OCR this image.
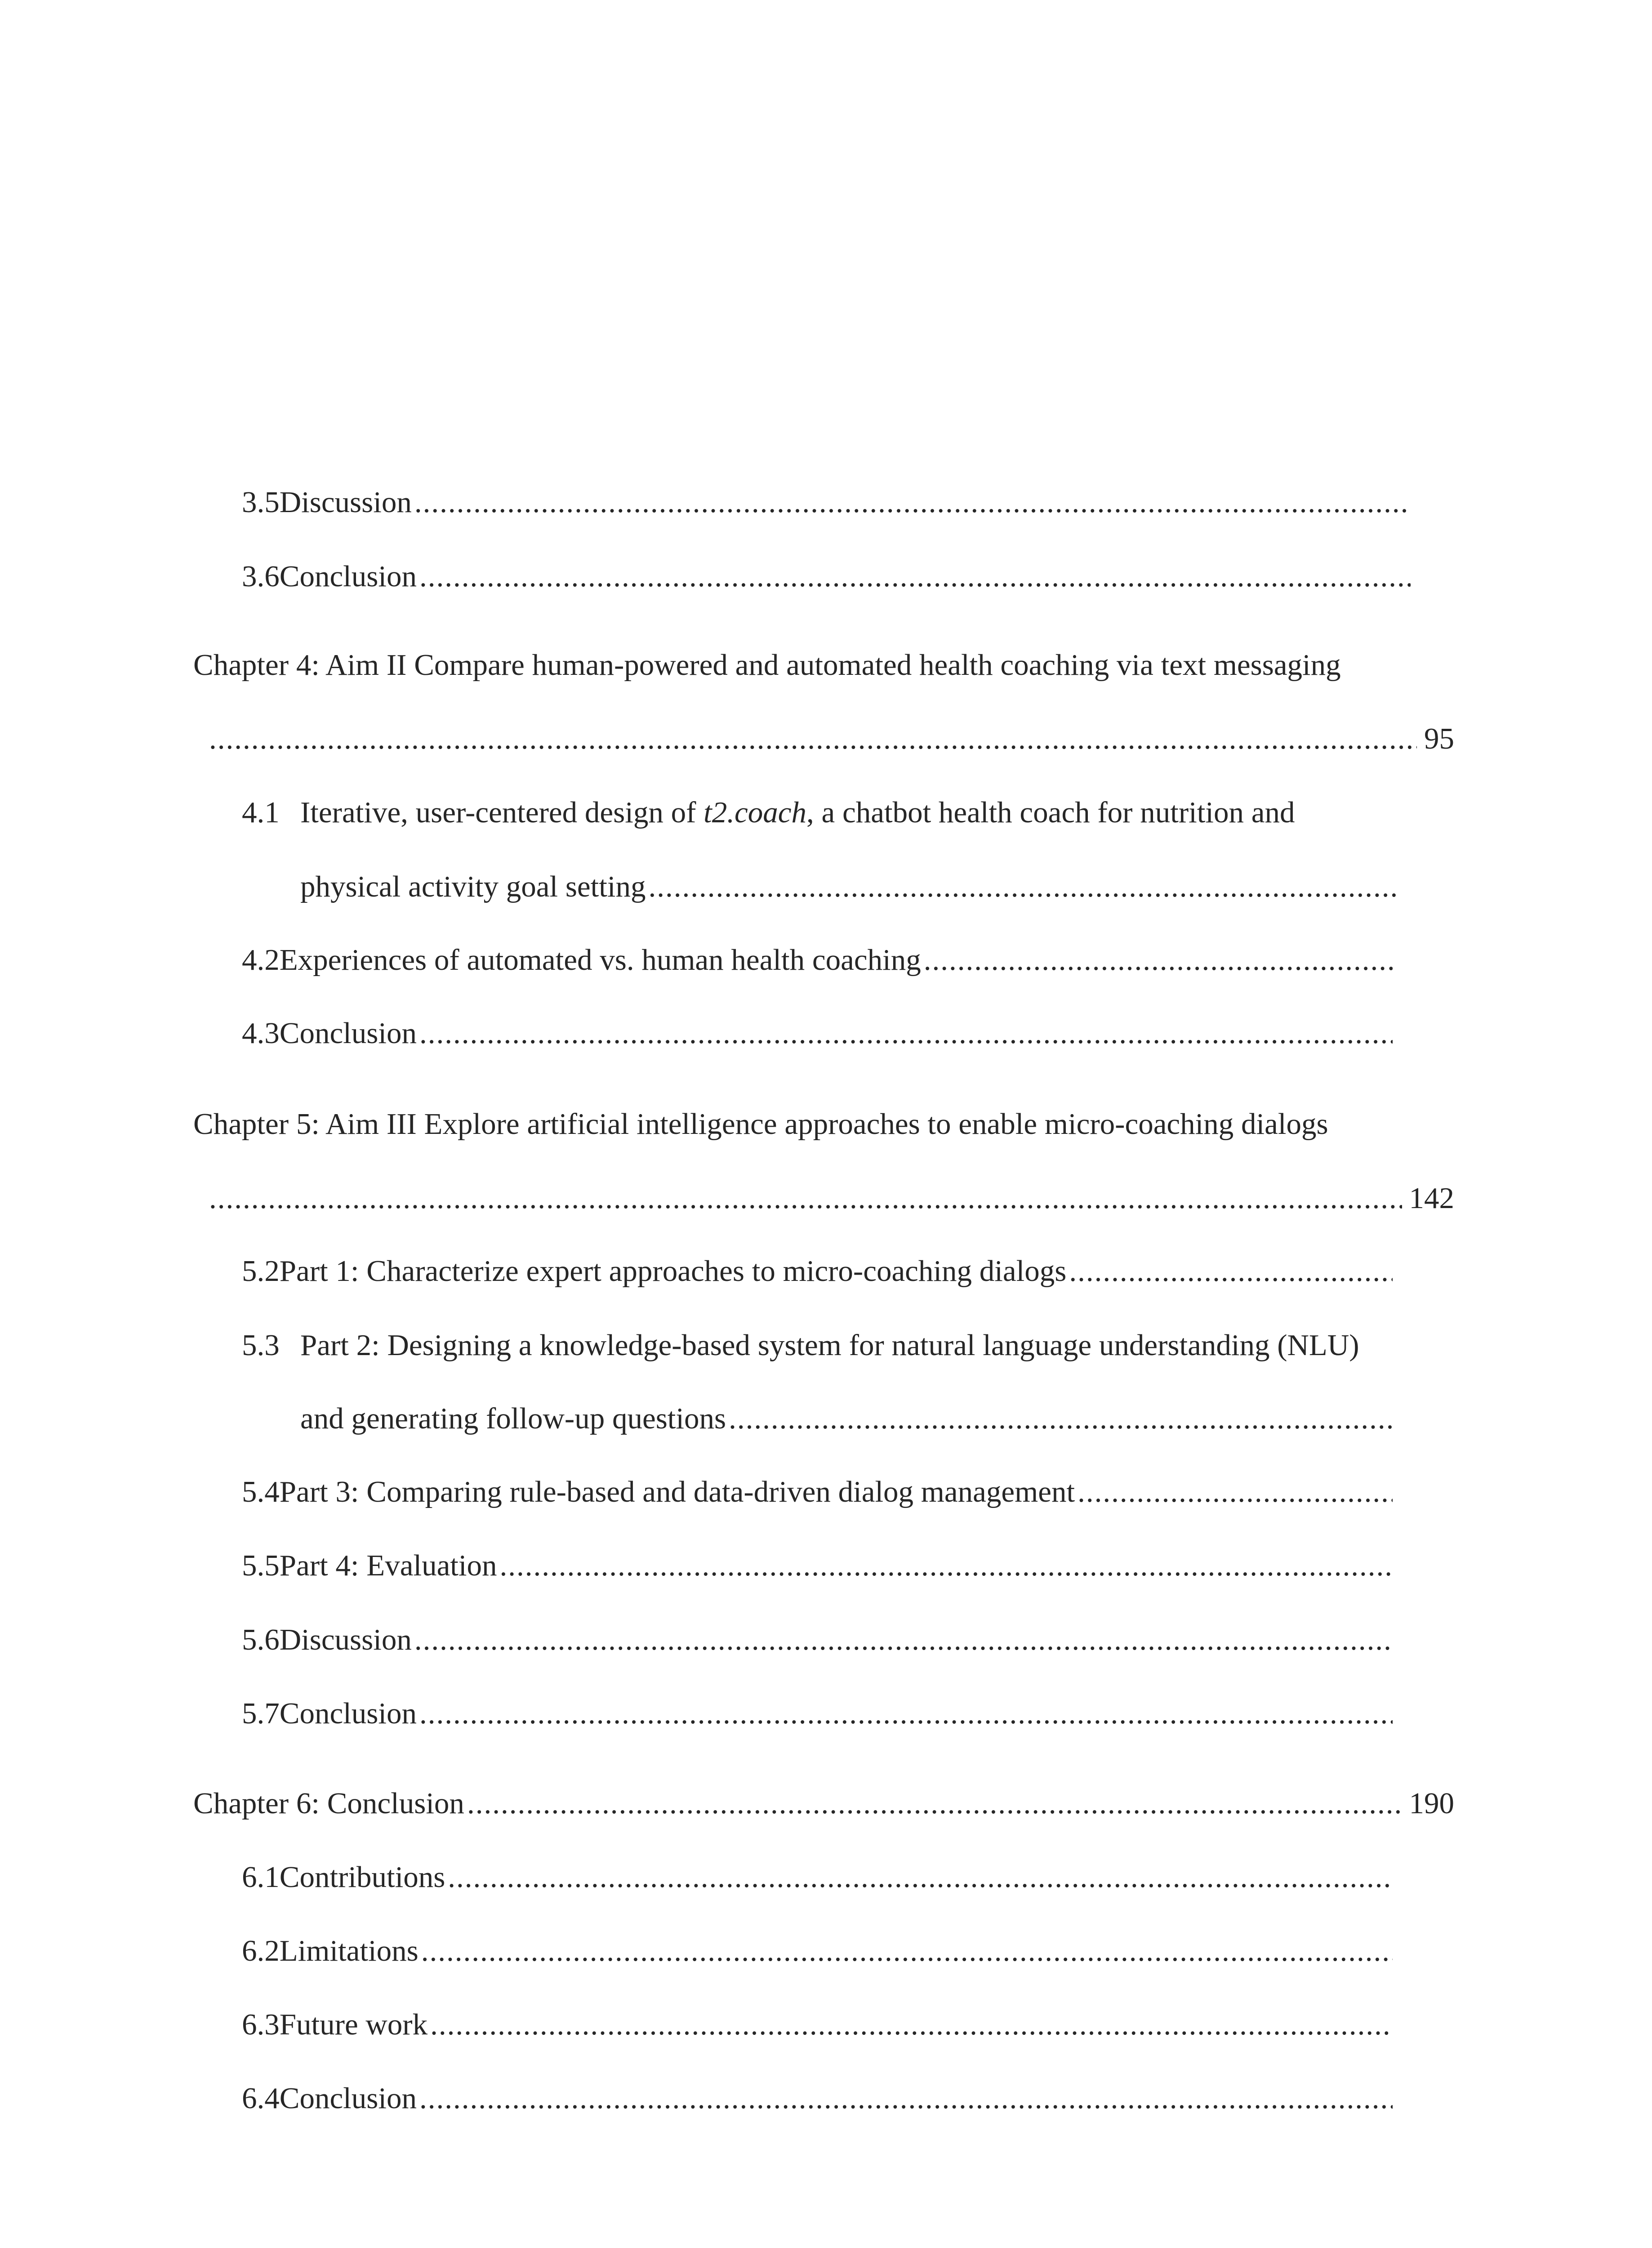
3.5 Discussion
.....
3.6 Conclusion
.....
Chapter 4: Aim II Compare human-powered and automated health coaching via text messaging
.....
95
4.1 Iterative, user-centered design of t2.coach, a chatbot health coach for nutrition and
physical activity goal setting
.....
4.2 Experiences of automated vs. human health coaching
.....
4.3 Conclusion
.....
Chapter 5: Aim III Explore artificial intelligence approaches to enable micro-coaching dialogs
.....
142
5.2 Part 1: Characterize expert approaches to micro-coaching dialogs
.....
5.3 Part 2: Designing a knowledge-based system for natural language understanding (NLU)
and generating follow-up questions
.....
5.4 Part 3: Comparing rule-based and data-driven dialog management
.....
5.5 Part 4: Evaluation
.....
5.6 Discussion
.....
5.7 Conclusion
.....
Chapter 6: Conclusion
.....	190
6.1 Contributions
.....
6.2 Limitations
.....
6.3 Future work
.....
6.4 Conclusion
.....
